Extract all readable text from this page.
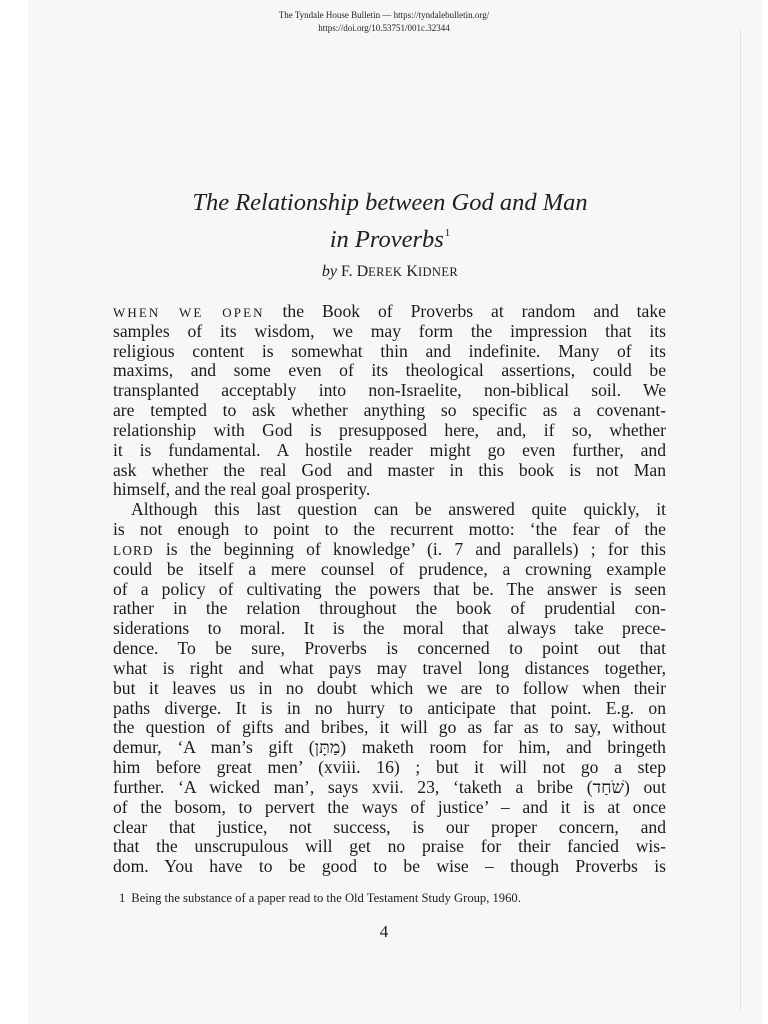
The Tyndale House Bulletin — https://tyndalebulletin.org/
https://doi.org/10.53751/001c.32344
The Relationship between God and Man
in Proverbs$^1$
by F. DEREK KIDNER
WHEN WE OPEN the Book of Proverbs at random and take
samples of its wisdom, we may form the impression that its
religious content is somewhat thin and indefinite. Many of its
maxims, and some even of its theological assertions, could be
transplanted acceptably into non-Israelite, non-biblical soil. We
are tempted to ask whether anything so specific as a covenant-
relationship with God is presupposed here, and, if so, whether
it is fundamental. A hostile reader might go even further, and
ask whether the real God and master in this book is not Man
himself, and the real goal prosperity.
Although this last question can be answered quite quickly, it
is not enough to point to the recurrent motto: ‘the fear of the
LORD is the beginning of knowledge’ (i. 7 and parallels) ; for this
could be itself a mere counsel of prudence, a crowning example
of a policy of cultivating the powers that be. The answer is seen
rather in the relation throughout the book of prudential con-
siderations to moral. It is the moral that always take prece-
dence. To be sure, Proverbs is concerned to point out that
what is right and what pays may travel long distances together,
but it leaves us in no doubt which we are to follow when their
paths diverge. It is in no hurry to anticipate that point. E.g. on
the question of gifts and bribes, it will go as far as to say, without
demur, ‘A man’s gift (מַתָּן) maketh room for him, and bringeth
him before great men’ (xviii. 16) ; but it will not go a step
further. ‘A wicked man’, says xvii. 23, ‘taketh a bribe (שֹׁחַד) out
of the bosom, to pervert the ways of justice’ – and it is at once
clear that justice, not success, is our proper concern, and
that the unscrupulous will get no praise for their fancied wis-
dom. You have to be good to be wise – though Proverbs is
1 Being the substance of a paper read to the Old Testament Study Group, 1960.
4
